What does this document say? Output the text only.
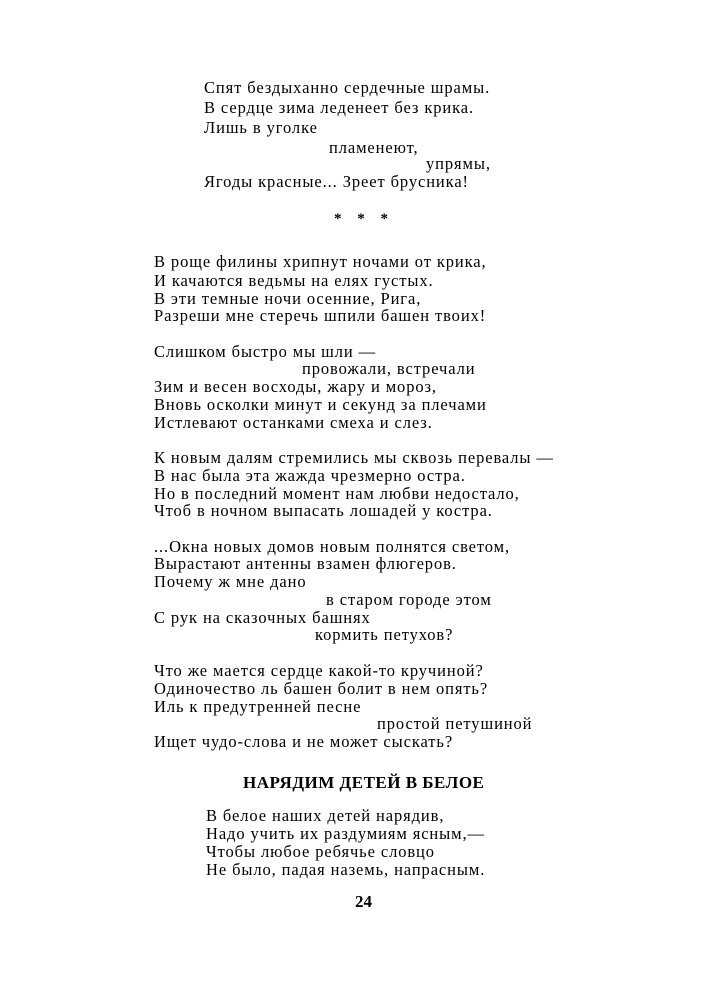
Спят бездыханно сердечные шрамы.
В сердце зима леденеет без крика.
Лишь в уголке
пламенеют,
упрямы,
Ягоды красные... Зреет брусника!
* * *
В роще филины хрипнут ночами от крика,
И качаются ведьмы на елях густых.
В эти темные ночи осенние, Рига,
Разреши мне стеречь шпили башен твоих!
Слишком быстро мы шли —
провожали, встречали
Зим и весен восходы, жару и мороз,
Вновь осколки минут и секунд за плечами
Истлевают останками смеха и слез.
К новым далям стремились мы сквозь перевалы —
В нас была эта жажда чрезмерно остра.
Но в последний момент нам любви недостало,
Чтоб в ночном выпасать лошадей у костра.
...Окна новых домов новым полнятся светом,
Вырастают антенны взамен флюгеров.
Почему ж мне дано
в старом городе этом
С рук на сказочных башнях
кормить петухов?
Что же мается сердце какой-то кручиной?
Одиночество ль башен болит в нем опять?
Иль к предутренней песне
простой петушиной
Ищет чудо-слова и не может сыскать?
НАРЯДИМ ДЕТЕЙ В БЕЛОЕ
В белое наших детей нарядив,
Надо учить их раздумиям ясным,—
Чтобы любое ребячье словцо
Не было, падая наземь, напрасным.
24
